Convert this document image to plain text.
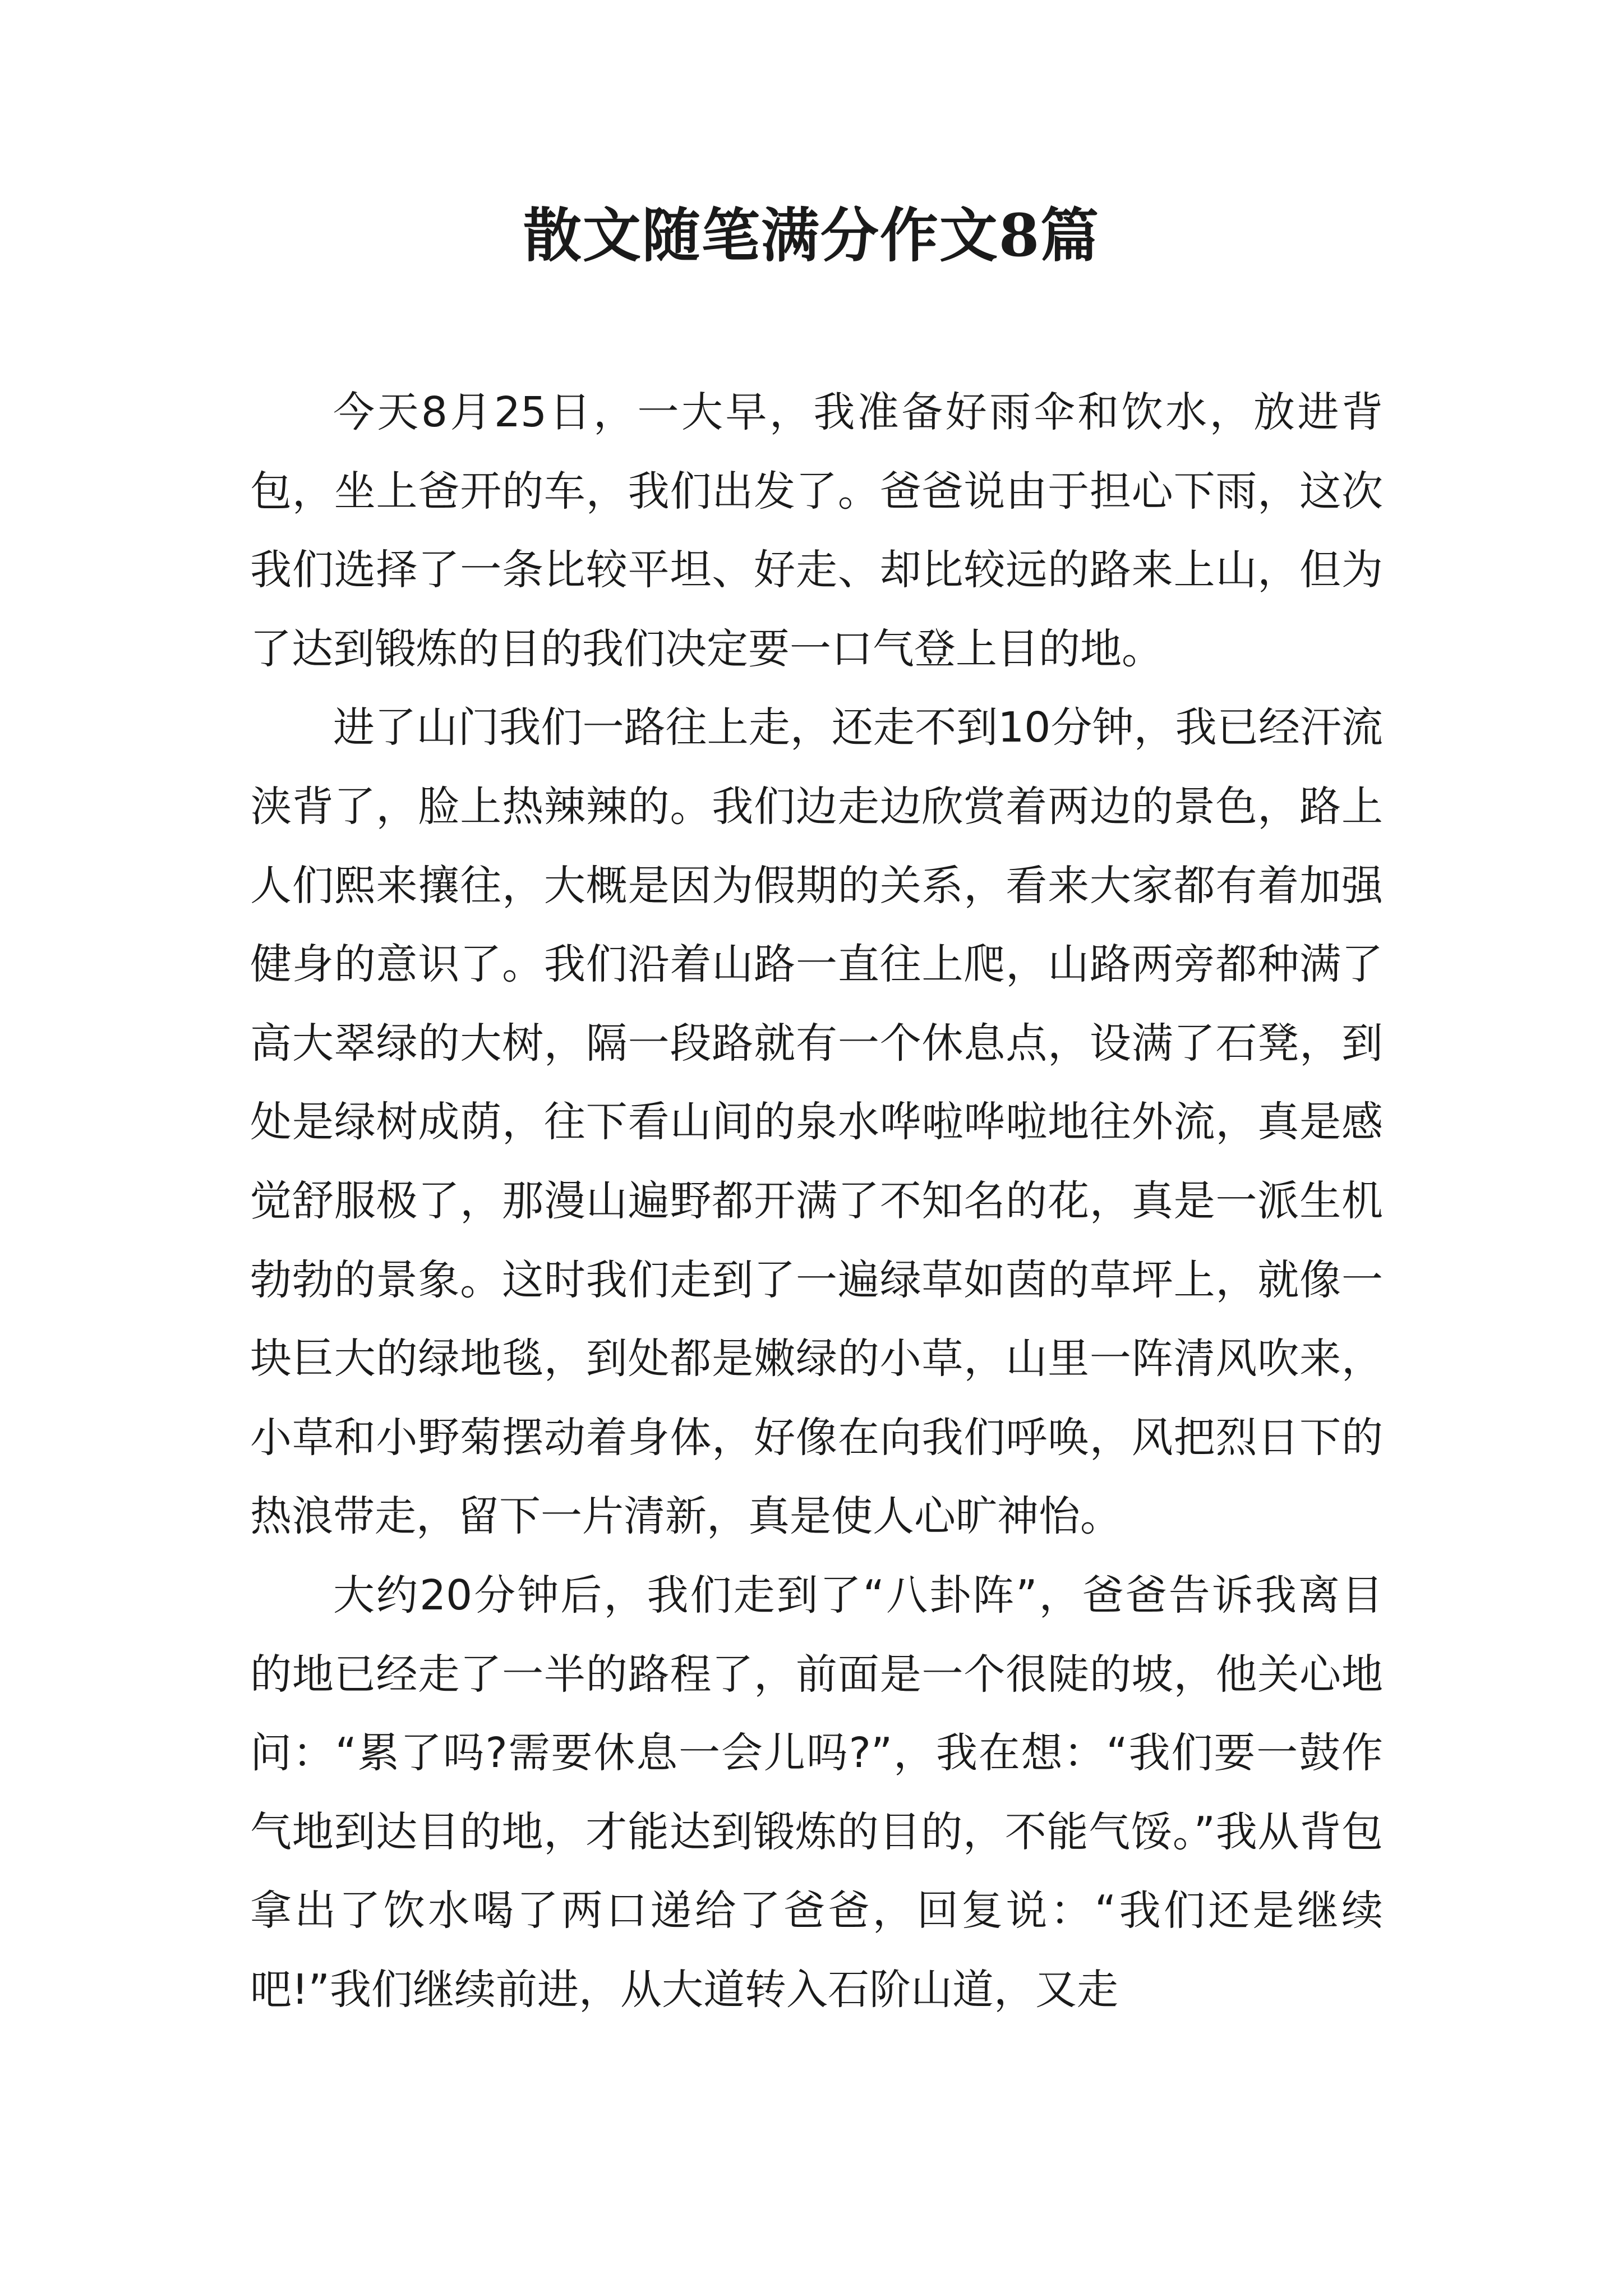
散文随笔满分作文8篇

今天8月25日，一大早，我准备好雨伞和饮水，放进背包，坐上爸开的车，我们出发了。爸爸说由于担心下雨，这次我们选择了一条比较平坦、好走、却比较远的路来上山，但为了达到锻炼的目的我们决定要一口气登上目的地。

进了山门我们一路往上走，还走不到10分钟，我已经汗流浃背了，脸上热辣辣的。我们边走边欣赏着两边的景色，路上人们熙来攘往，大概是因为假期的关系，看来大家都有着加强健身的意识了。我们沿着山路一直往上爬，山路两旁都种满了高大翠绿的大树，隔一段路就有一个休息点，设满了石凳，到处是绿树成荫，往下看山间的泉水哗啦哗啦地往外流，真是感觉舒服极了，那漫山遍野都开满了不知名的花，真是一派生机勃勃的景象。这时我们走到了一遍绿草如茵的草坪上，就像一块巨大的绿地毯，到处都是嫩绿的小草，山里一阵清风吹来，小草和小野菊摆动着身体，好像在向我们呼唤，风把烈日下的热浪带走，留下一片清新，真是使人心旷神怡。

大约20分钟后，我们走到了“八卦阵”，爸爸告诉我离目的地已经走了一半的路程了，前面是一个很陡的坡，他关心地问：“累了吗?需要休息一会儿吗?”，我在想：“我们要一鼓作气地到达目的地，才能达到锻炼的目的，不能气馁。”我从背包拿出了饮水喝了两口递给了爸爸，回复说：“我们还是继续吧!”我们继续前进，从大道转入石阶山道，又走
